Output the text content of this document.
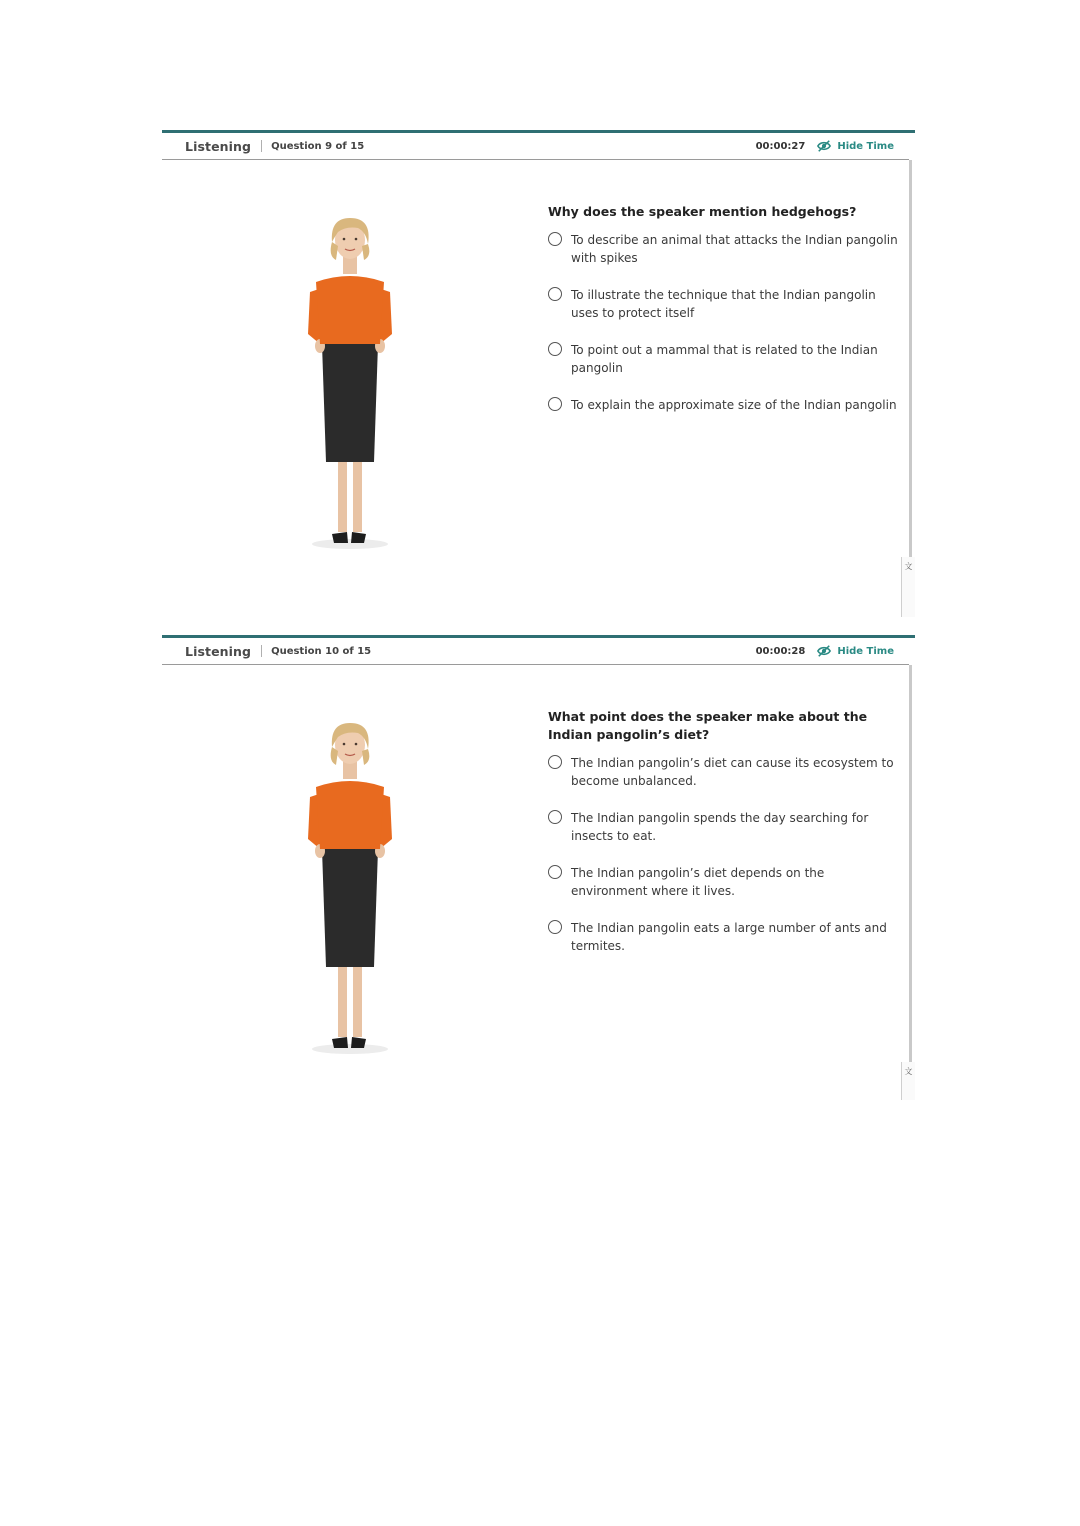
Listening Question 9 of 15	00:00:27	Hide Time
文

Why does the speaker mention hedgehogs?

To describe an animal that attacks the Indian pangolin with spikes
To illustrate the technique that the Indian pangolin uses to protect itself
To point out a mammal that is related to the Indian pangolin
To explain the approximate size of the Indian pangolin
Listening Question 10 of 15	00:00:28	Hide Time
文

What point does the speaker make about the Indian pangolin’s diet?

The Indian pangolin’s diet can cause its ecosystem to become unbalanced.
The Indian pangolin spends the day searching for insects to eat.
The Indian pangolin’s diet depends on the environment where it lives.
The Indian pangolin eats a large number of ants and termites.
